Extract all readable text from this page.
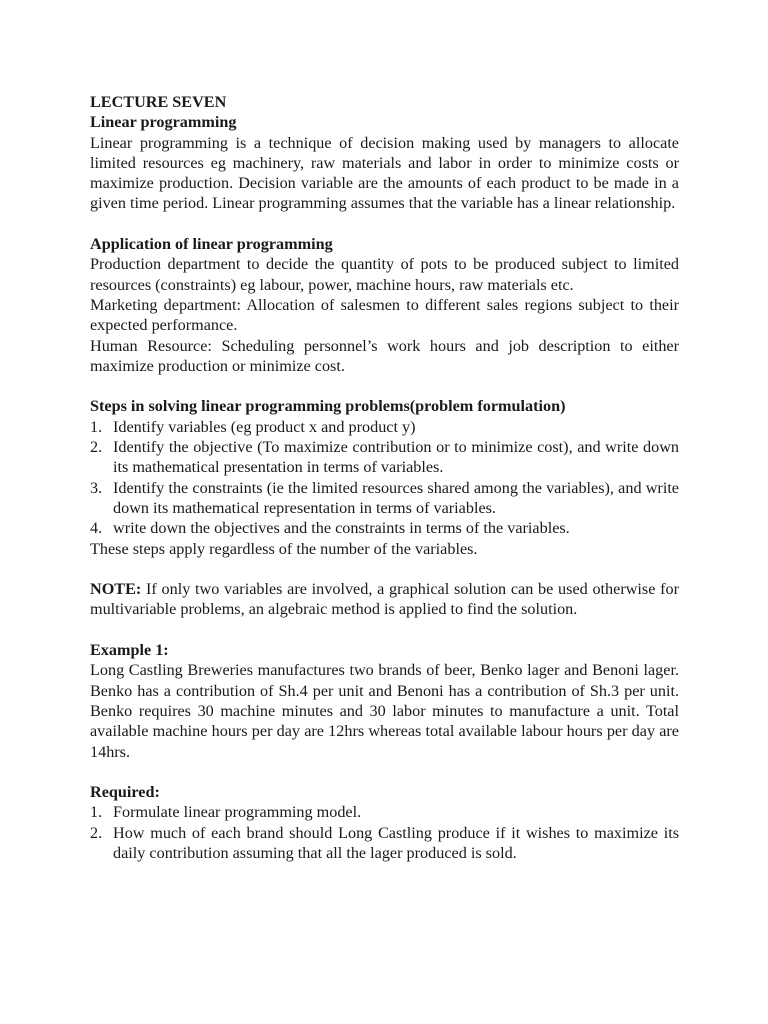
LECTURE SEVEN

Linear programming

Linear programming is a technique of decision making used by managers to allocate limited resources eg machinery, raw materials and labor in order to minimize costs or maximize production. Decision variable are the amounts of each product to be made in a given time period. Linear programming assumes that the variable has a linear relationship.

Application of linear programming

Production department to decide the quantity of pots to be produced subject to limited resources (constraints) eg labour, power, machine hours, raw materials etc.

Marketing department: Allocation of salesmen to different sales regions subject to their expected performance.

Human Resource: Scheduling personnel’s work hours and job description to either maximize production or minimize cost.

Steps in solving linear programming problems(problem formulation)

1. Identify variables (eg product x and product y)
2. Identify the objective (To maximize contribution or to minimize cost), and write down its mathematical presentation in terms of variables.
3. Identify the constraints (ie the limited resources shared among the variables), and write down its mathematical representation in terms of variables.
4. write down the objectives and the constraints in terms of the variables.

These steps apply regardless of the number of the variables.

NOTE: If only two variables are involved, a graphical solution can be used otherwise for multivariable problems, an algebraic method is applied to find the solution.

Example 1:

Long Castling Breweries manufactures two brands of beer, Benko lager and Benoni lager. Benko has a contribution of Sh.4 per unit and Benoni has a contribution of Sh.3 per unit. Benko requires 30 machine minutes and 30 labor minutes to manufacture a unit. Total available machine hours per day are 12hrs whereas total available labour hours per day are 14hrs.

Required:

1. Formulate linear programming model.
2. How much of each brand should Long Castling produce if it wishes to maximize its daily contribution assuming that all the lager produced is sold.
